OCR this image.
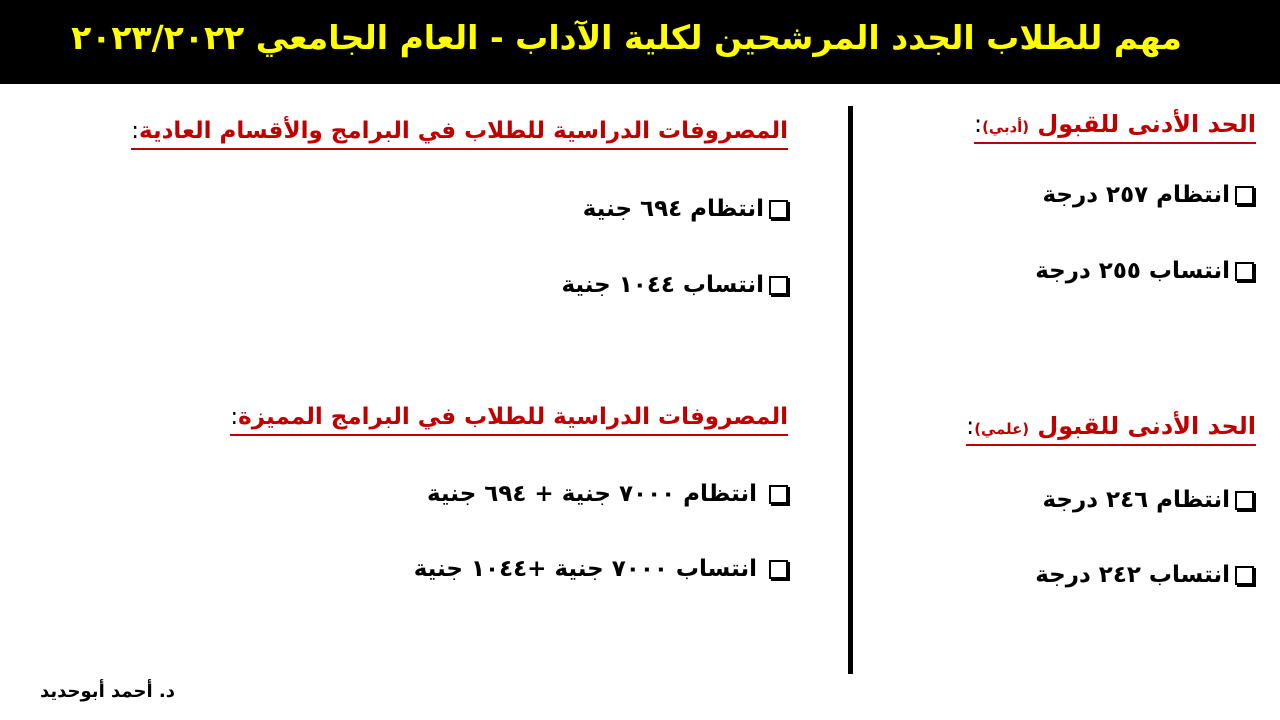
مهم للطلاب الجدد المرشحين لكلية الآداب - العام الجامعي ٢٠٢٣/٢٠٢٢
الحد الأدنى للقبول (أدبي):
انتظام ٢٥٧ درجة
انتساب ٢٥٥ درجة
الحد الأدنى للقبول (علمي):
انتظام ٢٤٦ درجة
انتساب ٢٤٢ درجة
المصروفات الدراسية للطلاب في البرامج والأقسام العادية:
انتظام ٦٩٤ جنية
انتساب ١٠٤٤ جنية
المصروفات الدراسية للطلاب في البرامج المميزة:
انتظام ٧٠٠٠ جنية + ٦٩٤ جنية
انتساب ٧٠٠٠ جنية +١٠٤٤ جنية
د. أحمد أبوحديد
